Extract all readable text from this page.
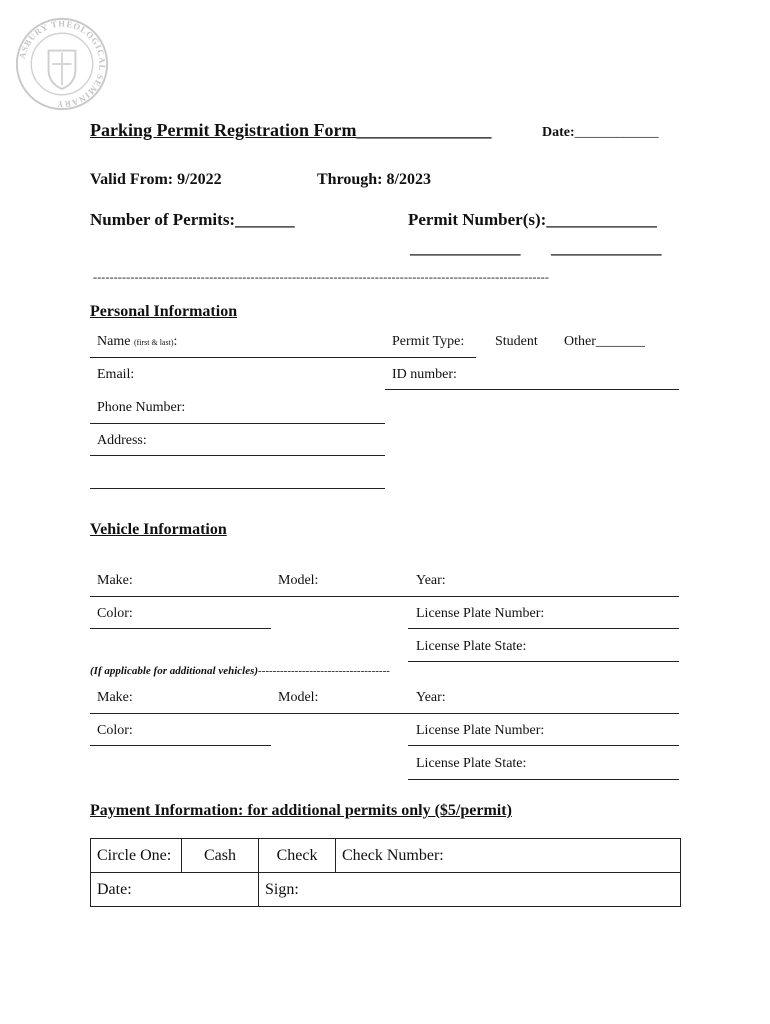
ASBURY THEOLOGICAL SEMINARY
Parking Permit Registration Form_______________	Date:____________
Valid From: 9/2022	Through: 8/2023
Number of Permits:_______	Permit Number(s):_____________
_____________ _____________
--------------------------------------------------------------------------------------------------------------
Personal Information
Name (first & last):	Permit Type: Student Other_______
Email:	ID number:
Phone Number:
Address:
Vehicle Information
Make:	Model:	Year:
Color:	License Plate Number:
License Plate State:
(If applicable for additional vehicles)------------------------------------
Make:	Model:	Year:
Color:	License Plate Number:
License Plate State:
Payment Information: for additional permits only ($5/permit)
Circle One:	Cash	Check	Check Number:
Date:		Sign:	
